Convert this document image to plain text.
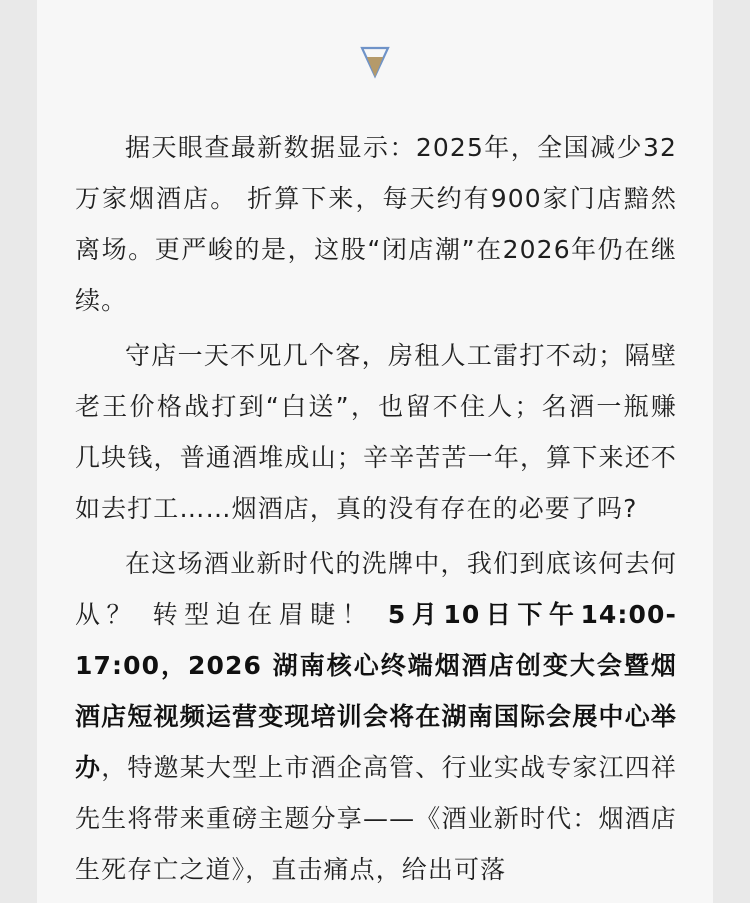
据天眼查最新数据显示：2025年，全国减少32万家烟酒店。 折算下来，每天约有900家门店黯然离场。更严峻的是，这股“闭店潮”在2026年仍在继续。

守店一天不见几个客，房租人工雷打不动；隔壁老王价格战打到“白送”，也留不住人；名酒一瓶赚几块钱，普通酒堆成山；辛辛苦苦一年，算下来还不如去打工……烟酒店，真的没有存在的必要了吗?

在这场酒业新时代的洗牌中，我们到底该何去何从？ 转型迫在眉睫！ 5月10日下午14:00-17:00，2026 湖南核心终端烟酒店创变大会暨烟酒店短视频运营变现培训会将在湖南国际会展中心举办，特邀某大型上市酒企高管、行业实战专家江四祥先生将带来重磅主题分享——《酒业新时代：烟酒店生死存亡之道》，直击痛点，给出可落
